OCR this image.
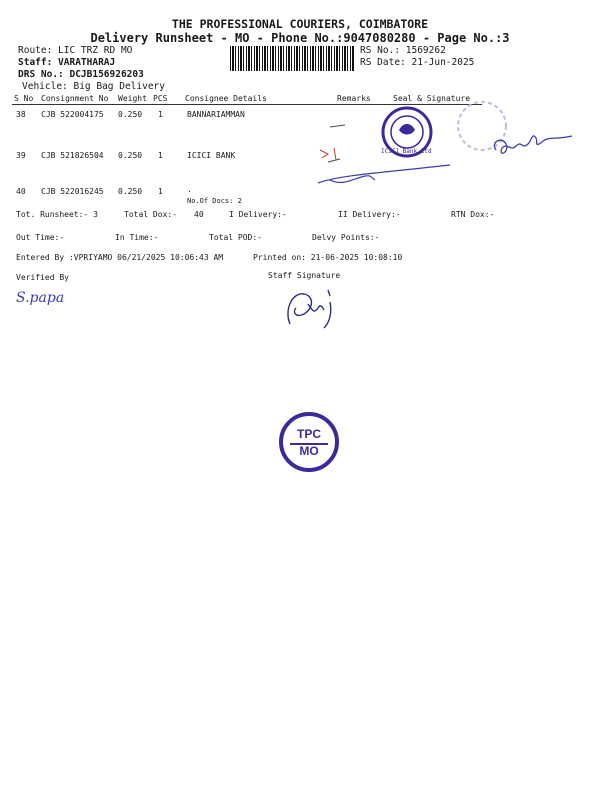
THE PROFESSIONAL COURIERS, COIMBATORE
Delivery Runsheet - MO - Phone No.:9047080280 - Page No.:3
Route: LIC TRZ RD MO
Staff: VARATHARAJ
DRS No.: DCJB156926203
Vehicle: Big Bag Delivery
RS No.: 1569262
RS Date: 21-Jun-2025
S No Consignment No Weight PCS Consignee Details	Remarks	Seal & Signature
38 CJB 522004175 0.250 1	BANNARIAMMAN
39 CJB 521826504 0.250 1	ICICI BANK
40 CJB 522016245 0.250 1	.
No.Of Docs: 2
Tot. Runsheet:- 3	Total Dox:- 40	I Delivery:-	II Delivery:-	RTN Dox:-
Out Time:-	In Time:-	Total POD:-	Delvy Points:-
Entered By :VPRIYAMO 06/21/2025 10:06:43 AM	Printed on: 21-06-2025 10:08:10
Verified By	Staff Signature
S.papa
ICICI Bank Ltd
TPC
MO
